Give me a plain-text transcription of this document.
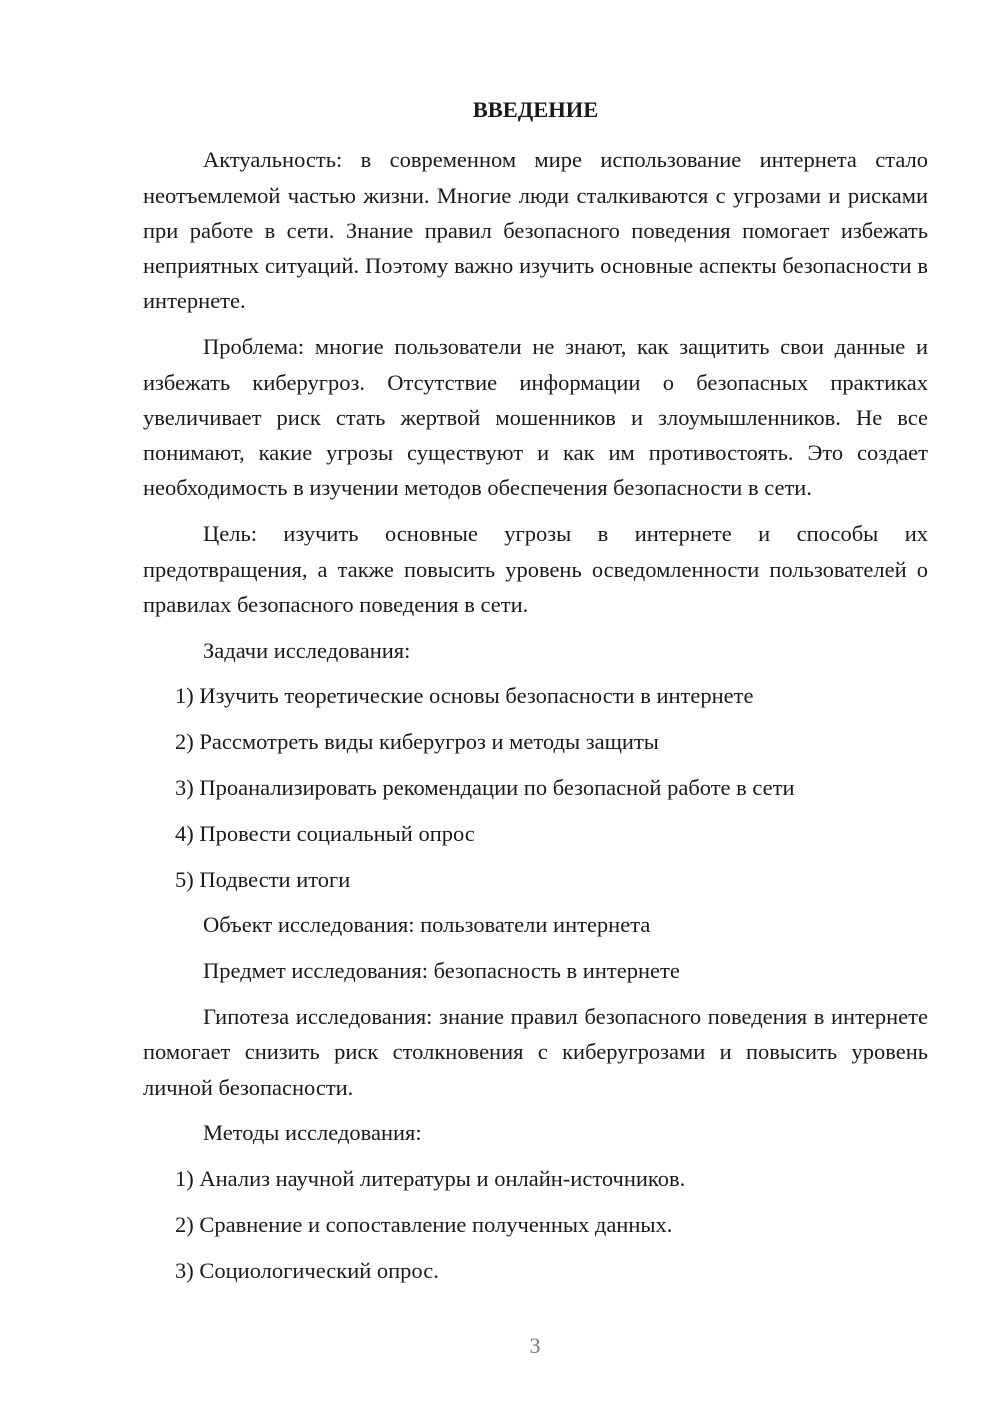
ВВЕДЕНИЕ

Актуальность: в современном мире использование интернета стало неотъемлемой частью жизни. Многие люди сталкиваются с угрозами и рисками при работе в сети. Знание правил безопасного поведения помогает избежать неприятных ситуаций. Поэтому важно изучить основные аспекты безопасности в интернете.

Проблема: многие пользователи не знают, как защитить свои данные и избежать киберугроз. Отсутствие информации о безопасных практиках увеличивает риск стать жертвой мошенников и злоумышленников. Не все понимают, какие угрозы существуют и как им противостоять. Это создает необходимость в изучении методов обеспечения безопасности в сети.

Цель: изучить основные угрозы в интернете и способы их предотвращения, а также повысить уровень осведомленности пользователей о правилах безопасного поведения в сети.

Задачи исследования:

1) Изучить теоретические основы безопасности в интернете

2) Рассмотреть виды киберугроз и методы защиты

3) Проанализировать рекомендации по безопасной работе в сети

4) Провести социальный опрос

5) Подвести итоги

Объект исследования: пользователи интернета

Предмет исследования: безопасность в интернете

Гипотеза исследования: знание правил безопасного поведения в интернете помогает снизить риск столкновения с киберугрозами и повысить уровень личной безопасности.

Методы исследования:

1) Анализ научной литературы и онлайн-источников.

2) Сравнение и сопоставление полученных данных.

3) Социологический опрос.

3
